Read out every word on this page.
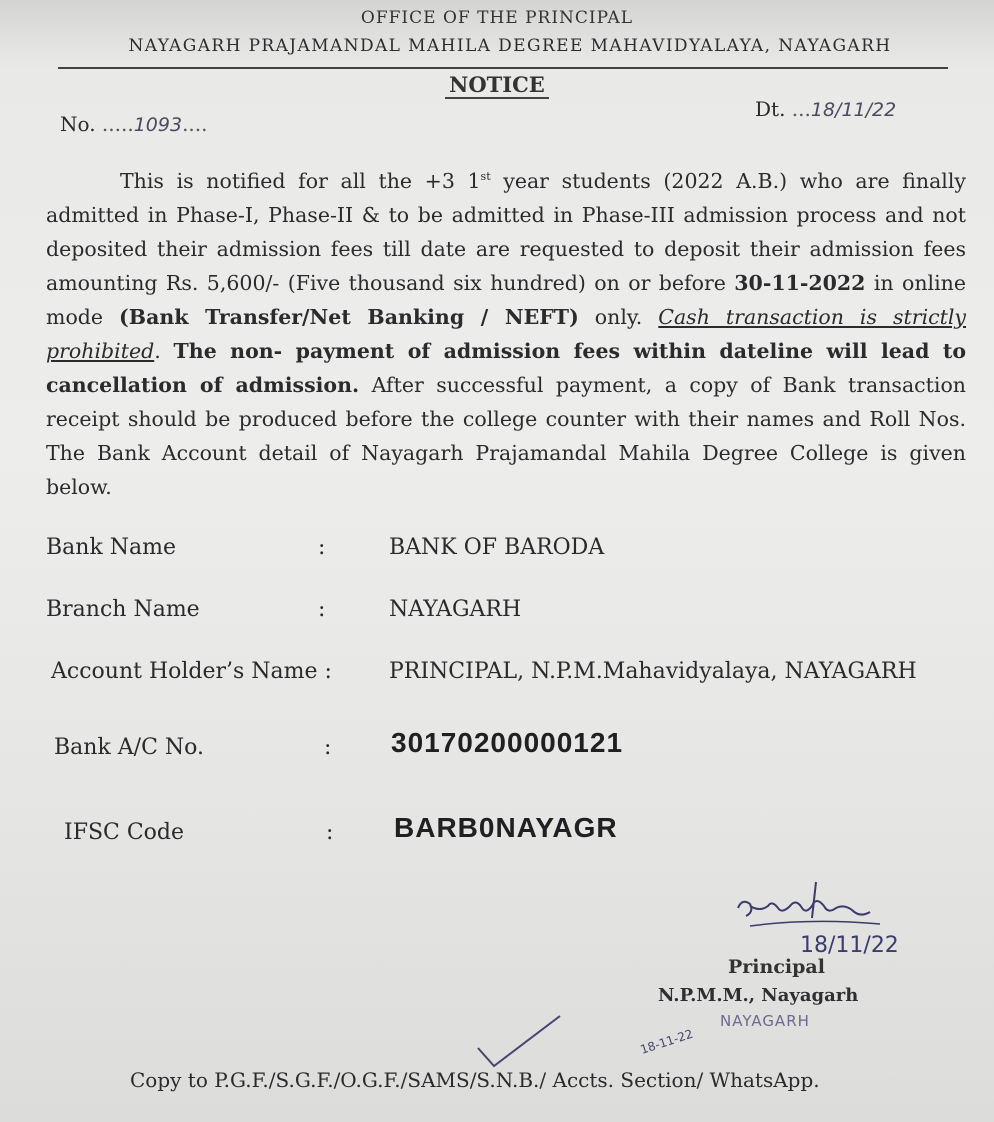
OFFICE OF THE PRINCIPAL
NAYAGARH PRAJAMANDAL MAHILA DEGREE MAHAVIDYALAYA, NAYAGARH
NOTICE
No. .....1093....
Dt. ...18/11/22

This is notified for all the +3 1st year students (2022 A.B.) who are finally admitted in Phase-I, Phase-II & to be admitted in Phase-III admission process and not deposited their admission fees till date are requested to deposit their admission fees amounting Rs. 5,600/- (Five thousand six hundred) on or before 30-11-2022 in online mode (Bank Transfer/Net Banking / NEFT) only. Cash transaction is strictly prohibited. The non- payment of admission fees within dateline will lead to cancellation of admission. After successful payment, a copy of Bank transaction receipt should be produced before the college counter with their names and Roll Nos. The Bank Account detail of Nayagarh Prajamandal Mahila Degree College is given below.

Bank Name	:	BANK OF BARODA
Branch Name	:	NAYAGARH
Account Holder’s Name :	PRINCIPAL, N.P.M.Mahavidyalaya, NAYAGARH
Bank A/C No.	: 30170200000121
IFSC Code	: BARB0NAYAGR
18/11/22
Principal
N.P.M.M., Nayagarh
NAYAGARH
18-11-22
Copy to P.G.F./S.G.F./O.G.F./SAMS/S.N.B./ Accts. Section/ WhatsApp.
